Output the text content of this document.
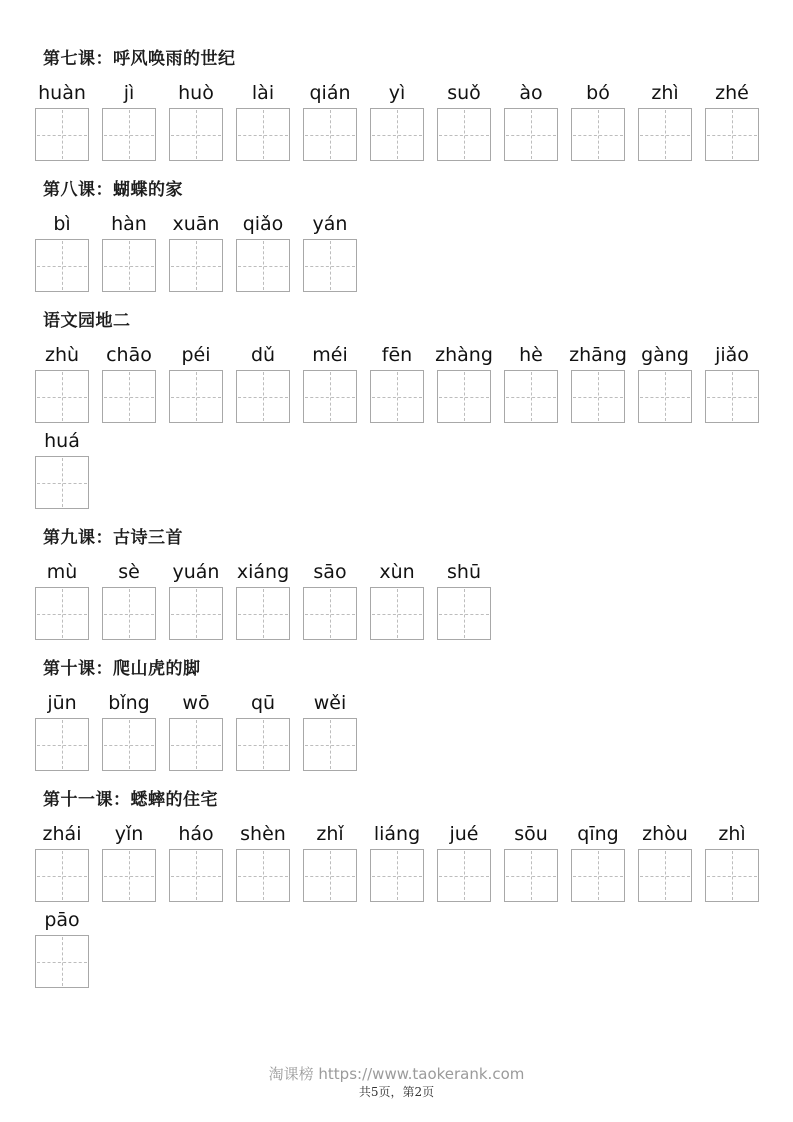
第七课：呼风唤雨的世纪
huàn jì huò lài qián yì suǒ ào bó zhì zhé
第八课：蝴蝶的家
bì hàn xuān qiǎo yán
语文园地二
zhù chāo péi dǔ méi fēn zhàng hè zhāng gàng jiǎo
huá
第九课：古诗三首
mù sè yuán xiáng sāo xùn shū
第十课：爬山虎的脚
jūn bǐng wō qū wěi
第十一课：蟋蟀的住宅
zhái yǐn háo shèn zhǐ liáng jué sōu qīng zhòu zhì
pāo
淘课榜 https://www.taokerank.com
共5页，第2页
